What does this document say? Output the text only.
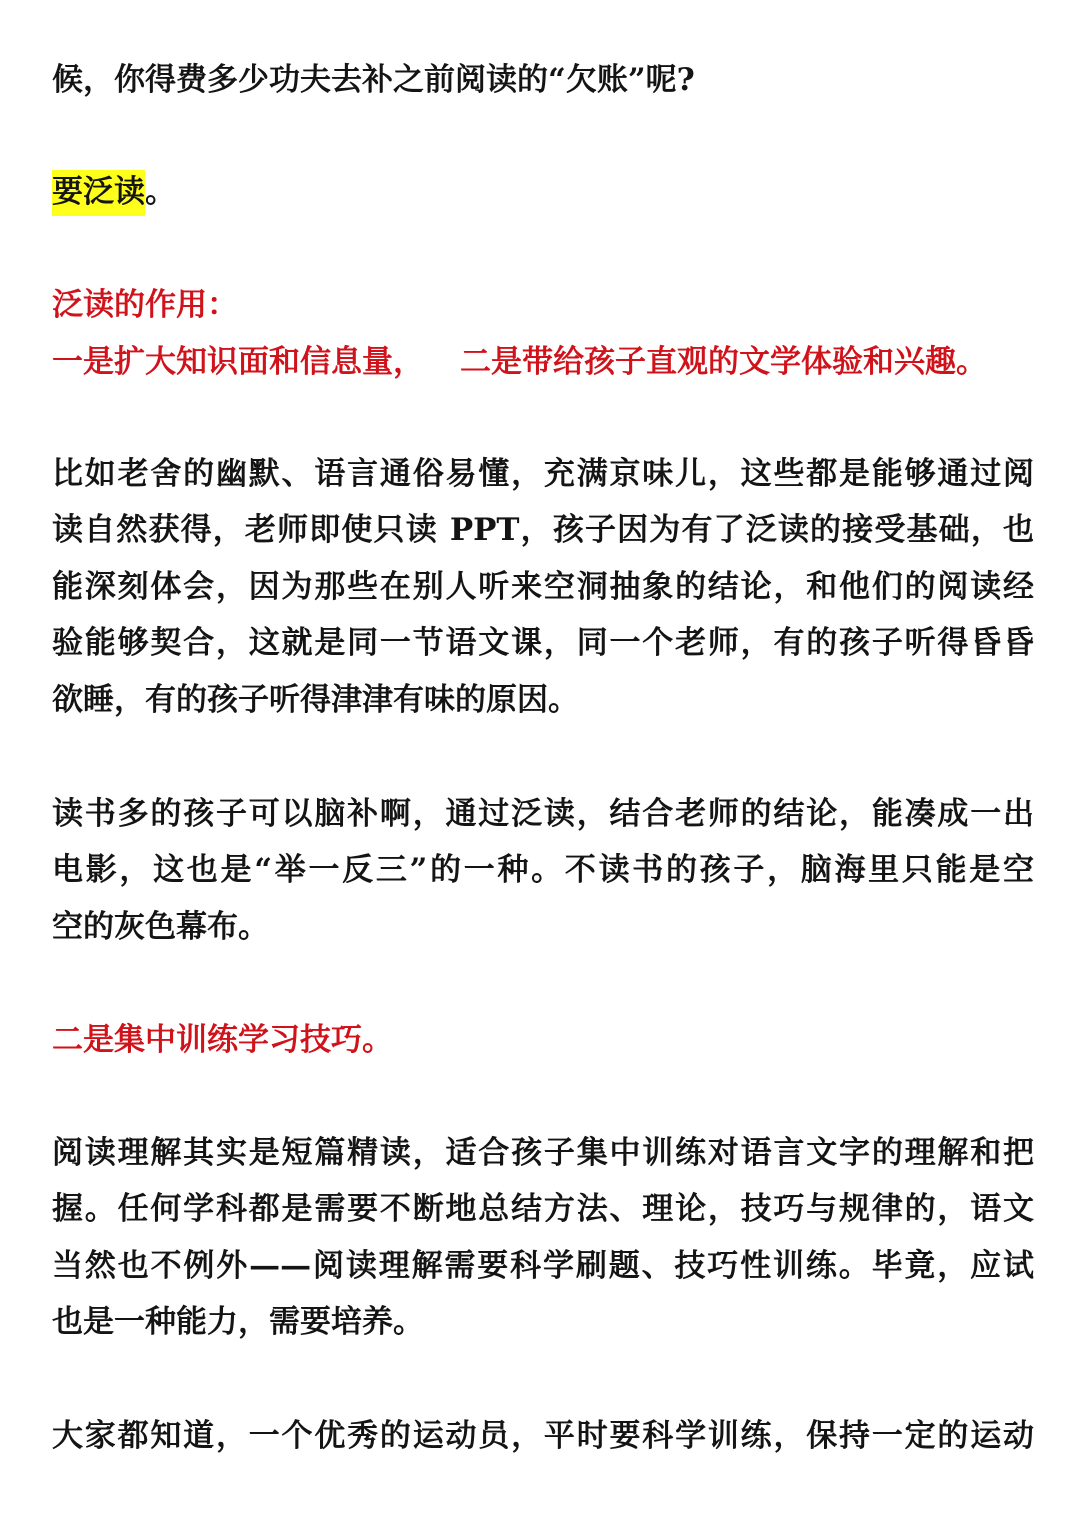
候，你得费多少功夫去补之前阅读的“欠账”呢?
要泛读。
泛读的作用：
一是扩大知识面和信息量， 二是带给孩子直观的文学体验和兴趣。
比如老舍的幽默、语言通俗易懂，充满京味儿，这些都是能够通过阅
读自然获得，老师即使只读 PPT，孩子因为有了泛读的接受基础，也
能深刻体会，因为那些在别人听来空洞抽象的结论，和他们的阅读经
验能够契合，这就是同一节语文课，同一个老师，有的孩子听得昏昏
欲睡，有的孩子听得津津有味的原因。
读书多的孩子可以脑补啊，通过泛读，结合老师的结论，能凑成一出
电影，这也是“举一反三”的一种。不读书的孩子，脑海里只能是空
空的灰色幕布。
二是集中训练学习技巧。
阅读理解其实是短篇精读，适合孩子集中训练对语言文字的理解和把
握。任何学科都是需要不断地总结方法、理论，技巧与规律的，语文
当然也不例外——阅读理解需要科学刷题、技巧性训练。毕竟，应试
也是一种能力，需要培养。
大家都知道，一个优秀的运动员，平时要科学训练，保持一定的运动
